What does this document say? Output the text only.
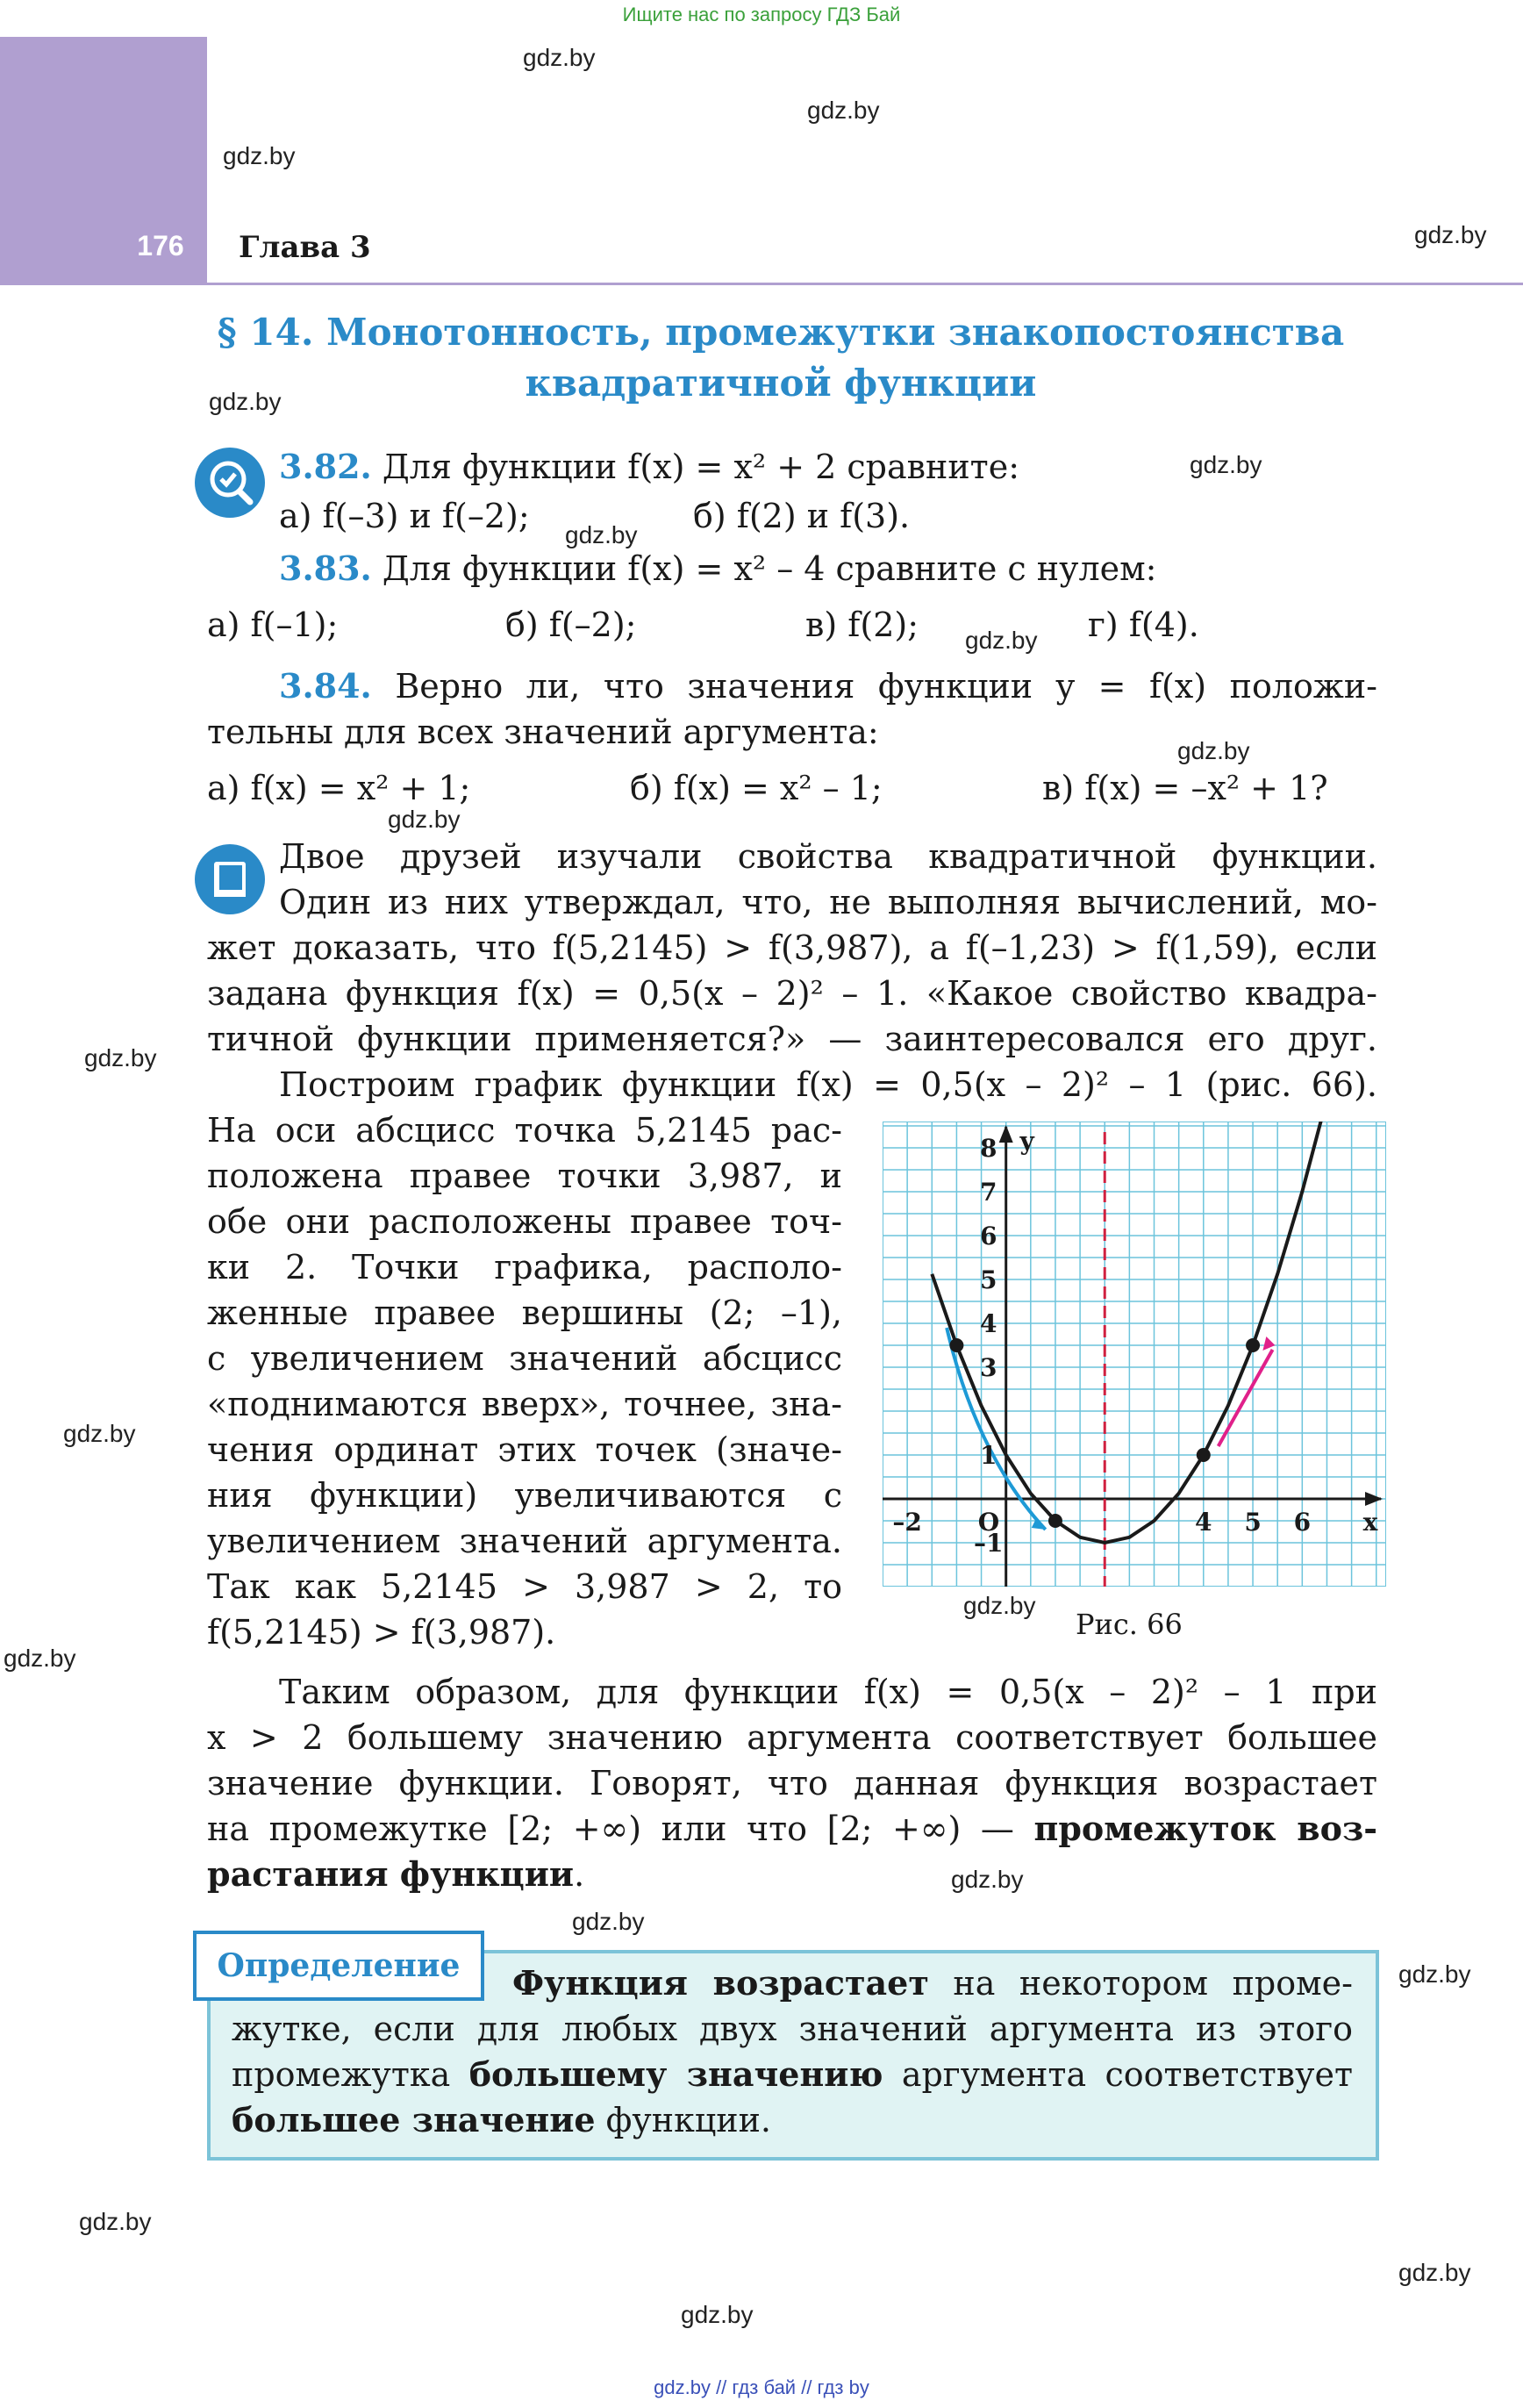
Ищите нас по запросу ГДЗ Бай
176 Глава 3
gdz.by
gdz.by
gdz.by
gdz.by
gdz.by
gdz.by
gdz.by
gdz.by
gdz.by
gdz.by
gdz.by
gdz.by
gdz.by
gdz.by
gdz.by
gdz.by
gdz.by
gdz.by
gdz.by
gdz.by
§ 14. Монотонность, промежутки знакопостоянства
квадратичной функции
3.82. Для функции f(x) = x² + 2 сравните:
а) f(–3) и f(–2);	б) f(2) и f(3).
3.83. Для функции f(x) = x² – 4 сравните с нулем:
а) f(–1);	б) f(–2);	в) f(2);	г) f(4).
3.84. Верно ли, что значения функции y = f(x) положи-
тельны для всех значений аргумента:
а) f(x) = x² + 1;	б) f(x) = x² – 1;	в) f(x) = –x² + 1?
Двое друзей изучали свойства квадратичной функции.
Один из них утверждал, что, не выполняя вычислений, мо-
жет доказать, что f(5,2145) > f(3,987), а f(–1,23) > f(1,59), если
задана функция f(x) = 0,5(x – 2)² – 1. «Какое свойство квадра-
тичной функции применяется?» — заинтересовался его друг.
Построим график функции f(x) = 0,5(x – 2)² – 1 (рис. 66).
На оси абсцисс точка 5,2145 рас-
положена правее точки 3,987, и
обе они расположены правее точ-
ки 2. Точки графика, располо-
женные правее вершины (2; –1),
с увеличением значений абсцисс
«поднимаются вверх», точнее, зна-
чения ординат этих точек (значе-
ния функции) увеличиваются с
увеличением значений аргумента.
Так как 5,2145 > 3,987 > 2, то
f(5,2145) > f(3,987).
–2 O	4 5 6
8
7
6
5
4
3
1
–1
x
y
Рис. 66
Таким образом, для функции f(x) = 0,5(x – 2)² – 1 при
x > 2 большему значению аргумента соответствует большее
значение функции. Говорят, что данная функция возрастает
на промежутке [2; +∞) или что [2; +∞) — промежуток воз-
растания функции.
Определение	Функция возрастает на некотором проме-
жутке, если для любых двух значений аргумента из этого
промежутка большему значению аргумента соответствует
большее значение функции.
gdz.by // гдз бай // гдз by
